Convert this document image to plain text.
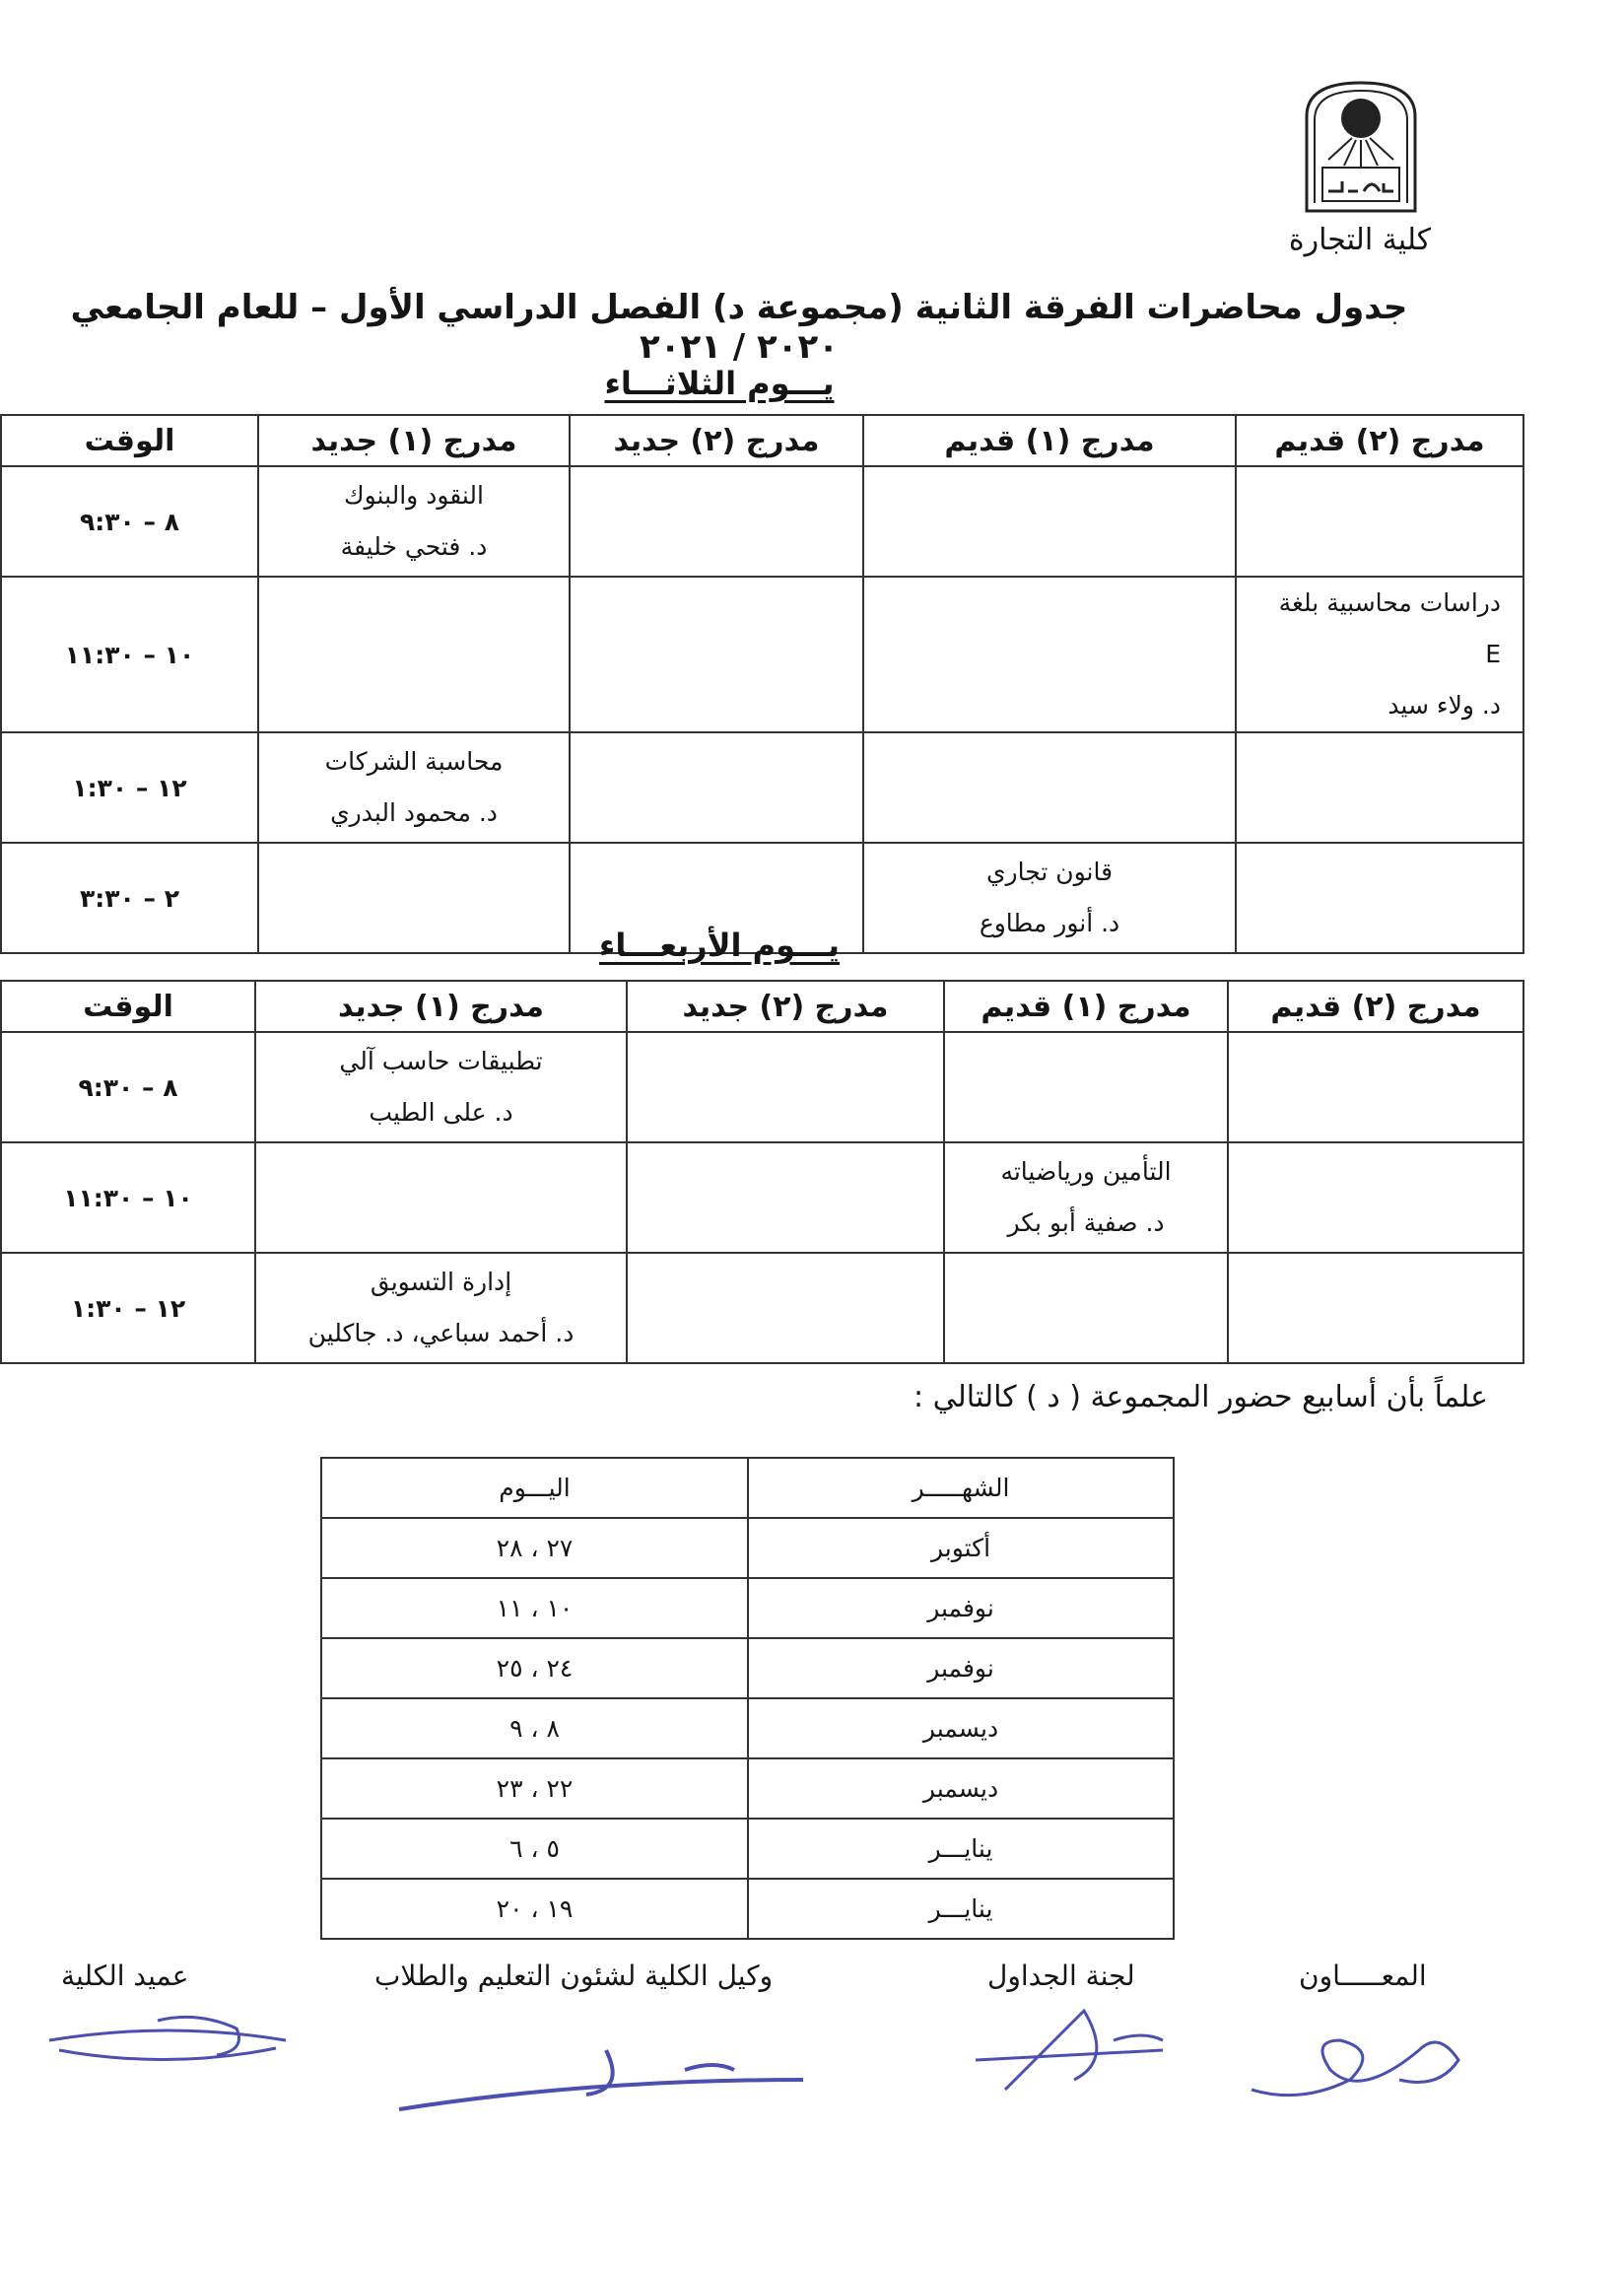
كلية التجارة
جدول محاضرات الفرقة الثانية (مجموعة د) الفصل الدراسي الأول – للعام الجامعي ٢٠٢٠ / ٢٠٢١
يـــوم الثلاثـــاء
مدرج (٢) قديم	مدرج (١) قديم	مدرج (٢) جديد	مدرج (١) جديد	الوقت

			النقود والبنوك
د. فتحي خليفة	٨ – ٩:٣٠

دراسات محاسبية بلغة E
د. ولاء سيد				١٠ – ١١:٣٠

			محاسبة الشركات
د. محمود البدري	١٢ – ١:٣٠

	قانون تجاري
د. أنور مطاوع			٢ – ٣:٣٠
يـــوم الأربعـــاء
مدرج (٢) قديم	مدرج (١) قديم	مدرج (٢) جديد	مدرج (١) جديد	الوقت

			تطبيقات حاسب آلي
د. على الطيب	٨ – ٩:٣٠

	التأمين ورياضياته
د. صفية أبو بكر			١٠ – ١١:٣٠

			إدارة التسويق
د. أحمد سباعي، د. جاكلين	١٢ – ١:٣٠
علماً بأن أسابيع حضور المجموعة ( د ) كالتالي :
الشهـــــر	اليـــوم
أكتوبر	٢٧ ، ٢٨
نوفمبر	١٠ ، ١١
نوفمبر	٢٤ ، ٢٥
ديسمبر	٨ ، ٩
ديسمبر	٢٢ ، ٢٣
ينايـــر	٥ ، ٦
ينايـــر	١٩ ، ٢٠
المعـــــاون
لجنة الجداول
وكيل الكلية لشئون التعليم والطلاب
عميد الكلية
